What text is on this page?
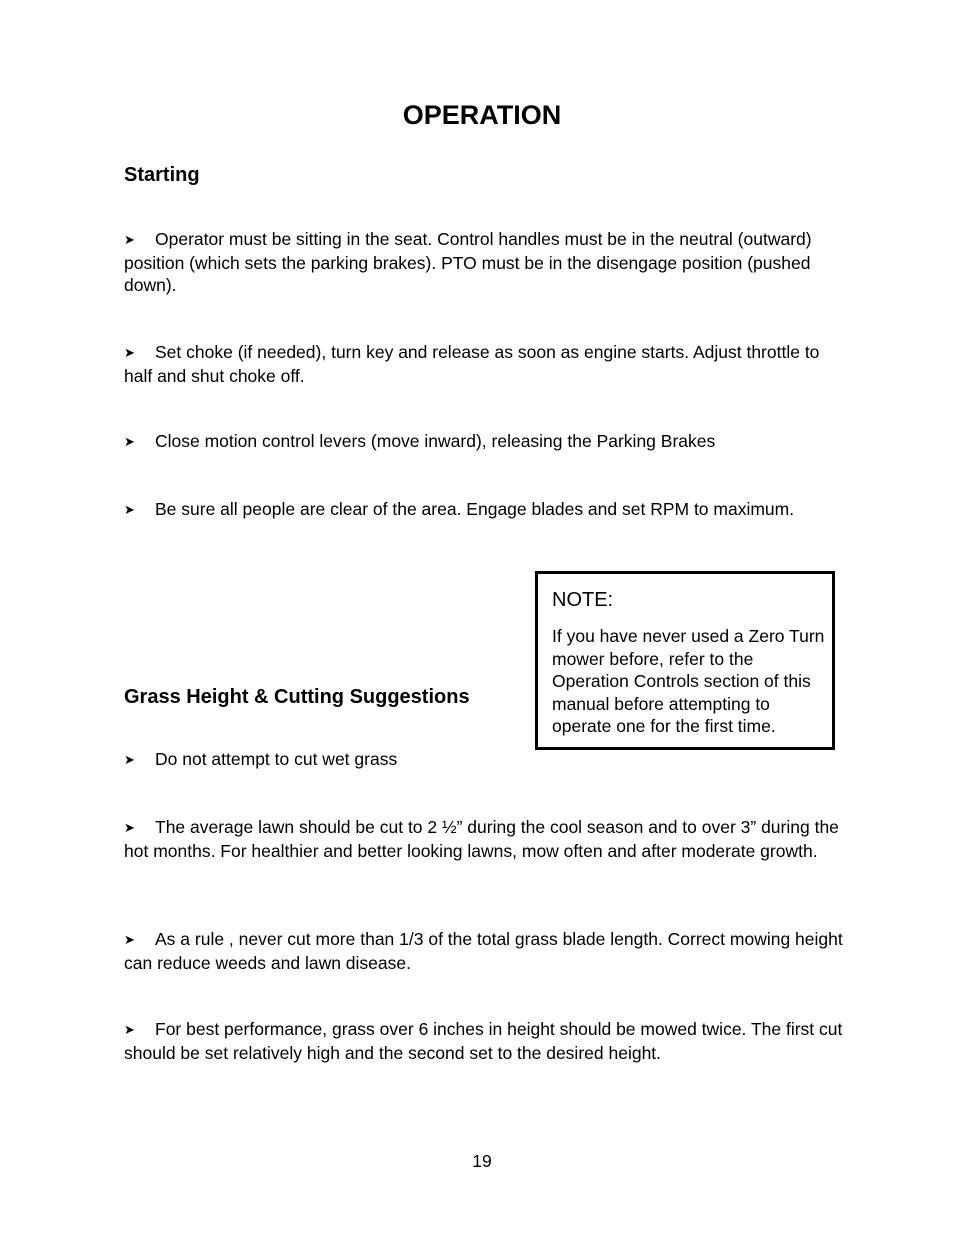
OPERATION
Starting

➤ Operator must be sitting in the seat. Control handles must be in the neutral (outward) position (which sets the parking brakes). PTO must be in the disengage position (pushed down).

➤ Set choke (if needed), turn key and release as soon as engine starts. Adjust throttle to half and shut choke off.

➤ Close motion control levers (move inward), releasing the Parking Brakes

➤ Be sure all people are clear of the area. Engage blades and set RPM to maximum.

NOTE:

If you have never used a Zero Turn mower before, refer to the Operation Controls section of this manual before attempting to operate one for the first time.

Grass Height & Cutting Suggestions

➤ Do not attempt to cut wet grass

➤ The average lawn should be cut to 2 ½” during the cool season and to over 3” during the hot months. For healthier and better looking lawns, mow often and after moderate growth.

➤ As a rule , never cut more than 1/3 of the total grass blade length. Correct mowing height can reduce weeds and lawn disease.

➤ For best performance, grass over 6 inches in height should be mowed twice. The first cut should be set relatively high and the second set to the desired height.

19
